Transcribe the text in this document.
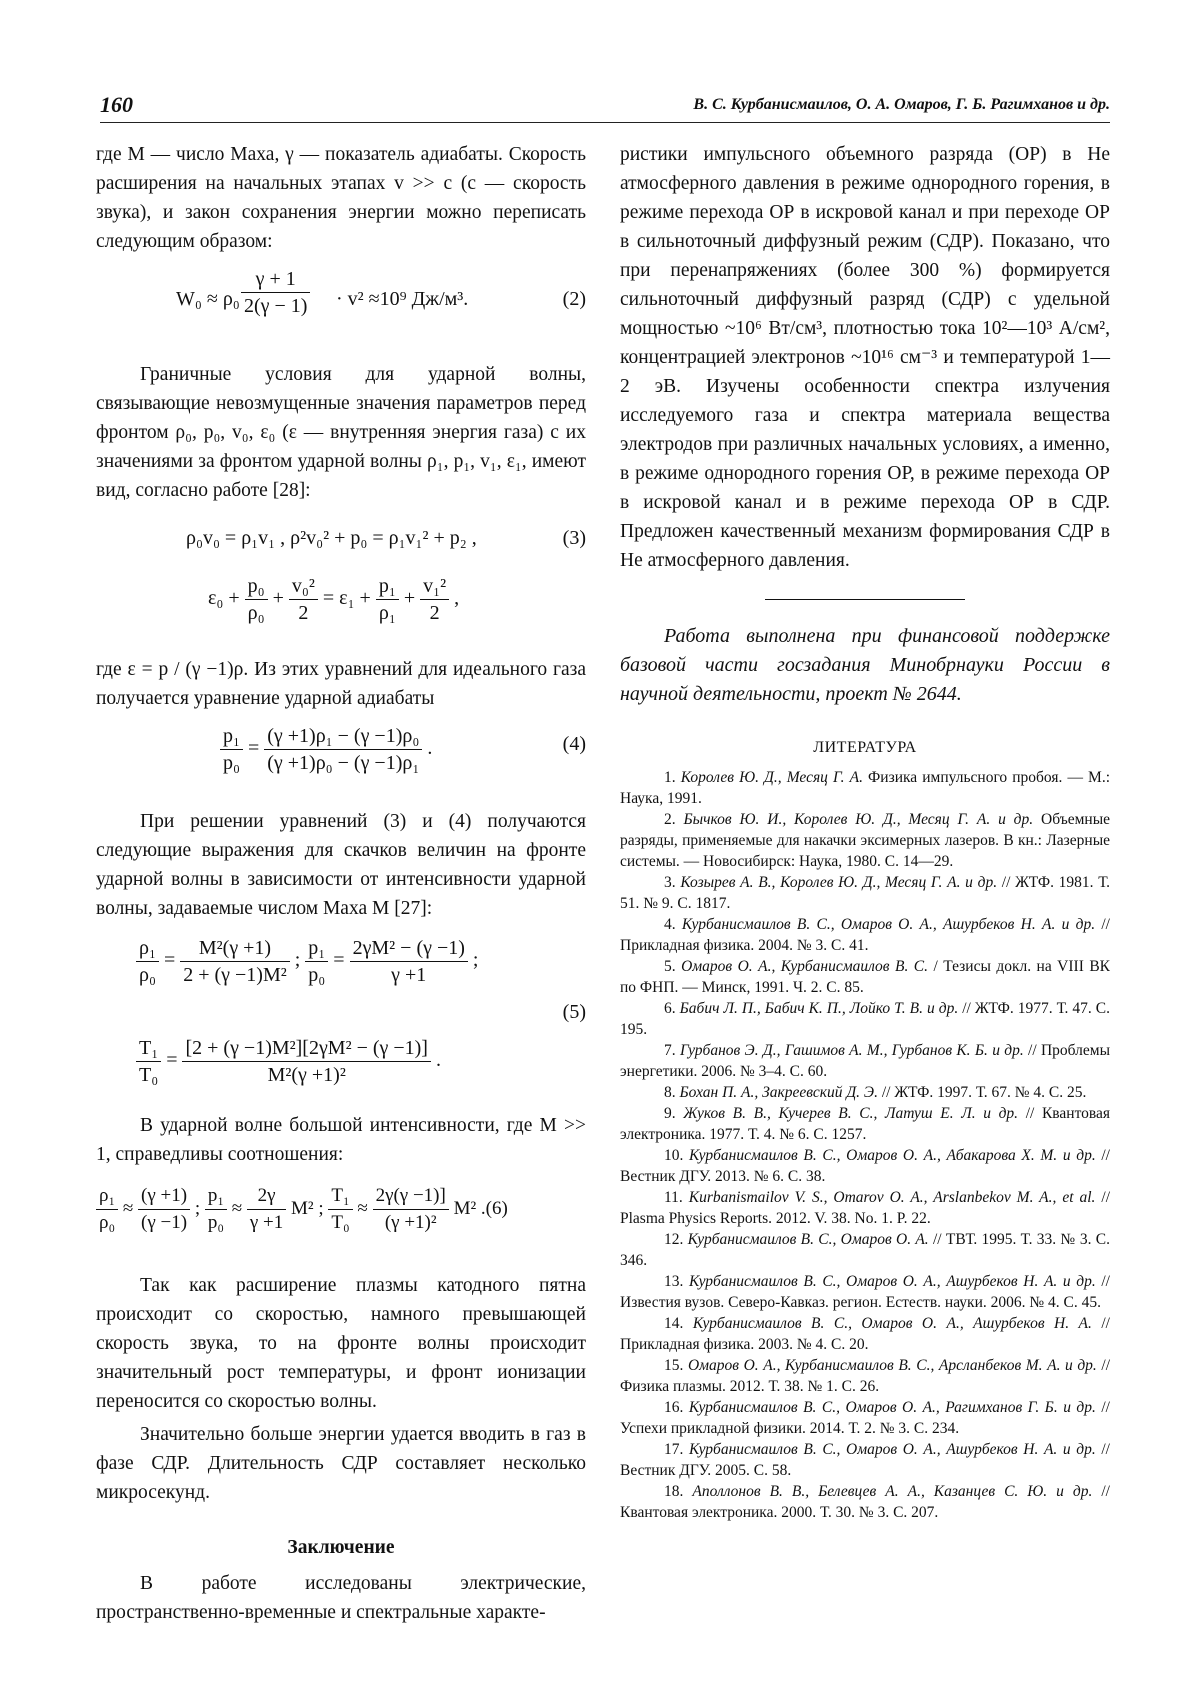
160	В. С. Курбанисмаилов, О. А. Омаров, Г. Б. Рагимханов и др.

где M — число Маха, γ — показатель адиабаты. Скорость расширения на начальных этапах v >> c (c — скорость звука), и закон сохранения энергии можно переписать следующим образом:

$W_0 \approx \rho_0 \frac{\gamma + 1}{2(\gamma - 1)} \cdot v^2 \approx 10^9$ Дж/м³.	(2)

Граничные условия для ударной волны, связывающие невозмущенные значения параметров перед фронтом ρ₀, p₀, v₀, ε₀ (ε — внутренняя энергия газа) с их значениями за фронтом ударной волны ρ₁, p₁, v₁, ε₁, имеют вид, согласно работе [28]:

ρ₀v₀ = ρ₁v₁ , ρ²v₀² + p₀ = ρ₁v₁² + p₂ ,	(3)
$\varepsilon_0 + \frac{\text{p₀}}{\text{ρ₀}} + \frac{\text{v₀²}}{2} = \varepsilon_1 + \frac{\text{p₁}}{\text{ρ₁}} + \frac{\text{v₁²}}{2}$ ,

где ε = p / (γ −1)ρ. Из этих уравнений для идеального газа получается уравнение ударной адиабаты

$\frac{\text{p₁}}{\text{p₀}} = \frac{\text{(γ +1)ρ₁ − (γ −1)ρ₀}}{\text{(γ +1)ρ₀ − (γ −1)ρ₁}}$ .	(4)

При решении уравнений (3) и (4) получаются следующие выражения для скачков величин на фронте ударной волны в зависимости от интенсивности ударной волны, задаваемые числом Маха M [27]:

$\frac{\text{ρ₁}}{\text{ρ₀}} = \frac{\text{M²(γ +1)}}{\text{2 + (γ −1)M²}}$ ; $\frac{\text{p₁}}{\text{p₀}} = \frac{\text{2γM² − (γ −1)}}{\gamma +1}$ ;
(5)
$\frac{\text{T₁}}{\text{T₀}} = \frac{\text{[2 + (γ −1)M²][2γM² − (γ −1)]}}{\text{M²(γ +1)²}}$ .

В ударной волне большой интенсивности, где M >> 1, справедливы соотношения:

$\frac{\text{ρ₁}}{\text{ρ₀}} \approx \frac{(\gamma +1)}{(\gamma -1)}$ ; $\frac{\text{p₁}}{\text{p₀}} \approx \frac{2\gamma}{\gamma +1} M^2$ ; $\frac{\text{T₁}}{\text{T₀}} \approx \frac{2\gamma(\gamma -1)]}{\text{(γ +1)²}} M^2$ .(6)

Так как расширение плазмы катодного пятна происходит со скоростью, намного превышающей скорость звука, то на фронте волны происходит значительный рост температуры, и фронт ионизации переносится со скоростью волны.

Значительно больше энергии удается вводить в газ в фазе СДР. Длительность СДР составляет несколько микросекунд.

Заключение

В работе исследованы электрические, пространственно-временные и спектральные характе-

ристики импульсного объемного разряда (ОР) в He атмосферного давления в режиме однородного горения, в режиме перехода ОР в искровой канал и при переходе ОР в сильноточный диффузный режим (СДР). Показано, что при перенапряжениях (более 300 %) формируется сильноточный диффузный разряд (СДР) с удельной мощностью ~10⁶ Вт/см³, плотностью тока 10²—10³ А/см², концентрацией электронов ~10¹⁶ см⁻³ и температурой 1—2 эВ. Изучены особенности спектра излучения исследуемого газа и спектра материала вещества электродов при различных начальных условиях, а именно, в режиме однородного горения ОР, в режиме перехода ОР в искровой канал и в режиме перехода ОР в СДР. Предложен качественный механизм формирования СДР в He атмосферного давления.

Работа выполнена при финансовой поддержке базовой части госзадания Минобрнауки России в научной деятельности, проект № 2644.

ЛИТЕРАТУРА

1. Королев Ю. Д., Месяц Г. А. Физика импульсного пробоя. — М.: Наука, 1991.

2. Бычков Ю. И., Королев Ю. Д., Месяц Г. А. и др. Объемные разряды, применяемые для накачки эксимерных лазеров. В кн.: Лазерные системы. — Новосибирск: Наука, 1980. С. 14—29.

3. Козырев А. В., Королев Ю. Д., Месяц Г. А. и др. // ЖТФ. 1981. Т. 51. № 9. С. 1817.

4. Курбанисмаилов В. С., Омаров О. А., Ашурбеков Н. А. и др. // Прикладная физика. 2004. № 3. С. 41.

5. Омаров О. А., Курбанисмаилов В. С. / Тезисы докл. на VIII ВК по ФНП. — Минск, 1991. Ч. 2. С. 85.

6. Бабич Л. П., Бабич К. П., Лойко Т. В. и др. // ЖТФ. 1977. Т. 47. С. 195.

7. Гурбанов Э. Д., Гашимов А. М., Гурбанов К. Б. и др. // Проблемы энергетики. 2006. № 3–4. С. 60.

8. Бохан П. А., Закреевский Д. Э. // ЖТФ. 1997. Т. 67. № 4. С. 25.

9. Жуков В. В., Кучерев В. С., Латуш Е. Л. и др. // Квантовая электроника. 1977. Т. 4. № 6. С. 1257.

10. Курбанисмаилов В. С., Омаров О. А., Абакарова Х. М. и др. // Вестник ДГУ. 2013. № 6. С. 38.

11. Kurbanismailov V. S., Omarov O. A., Arslanbekov M. A., et al. // Plasma Physics Reports. 2012. V. 38. No. 1. P. 22.

12. Курбанисмаилов В. С., Омаров О. А. // ТВТ. 1995. Т. 33. № 3. С. 346.

13. Курбанисмаилов В. С., Омаров О. А., Ашурбеков Н. А. и др. // Известия вузов. Северо-Кавказ. регион. Естеств. науки. 2006. № 4. С. 45.

14. Курбанисмаилов В. С., Омаров О. А., Ашурбеков Н. А. // Прикладная физика. 2003. № 4. С. 20.

15. Омаров О. А., Курбанисмаилов В. С., Арсланбеков М. А. и др. // Физика плазмы. 2012. Т. 38. № 1. С. 26.

16. Курбанисмаилов В. С., Омаров О. А., Рагимханов Г. Б. и др. // Успехи прикладной физики. 2014. Т. 2. № 3. С. 234.

17. Курбанисмаилов В. С., Омаров О. А., Ашурбеков Н. А. и др. // Вестник ДГУ. 2005. С. 58.

18. Аполлонов В. В., Белевцев А. А., Казанцев С. Ю. и др. // Квантовая электроника. 2000. Т. 30. № 3. С. 207.
